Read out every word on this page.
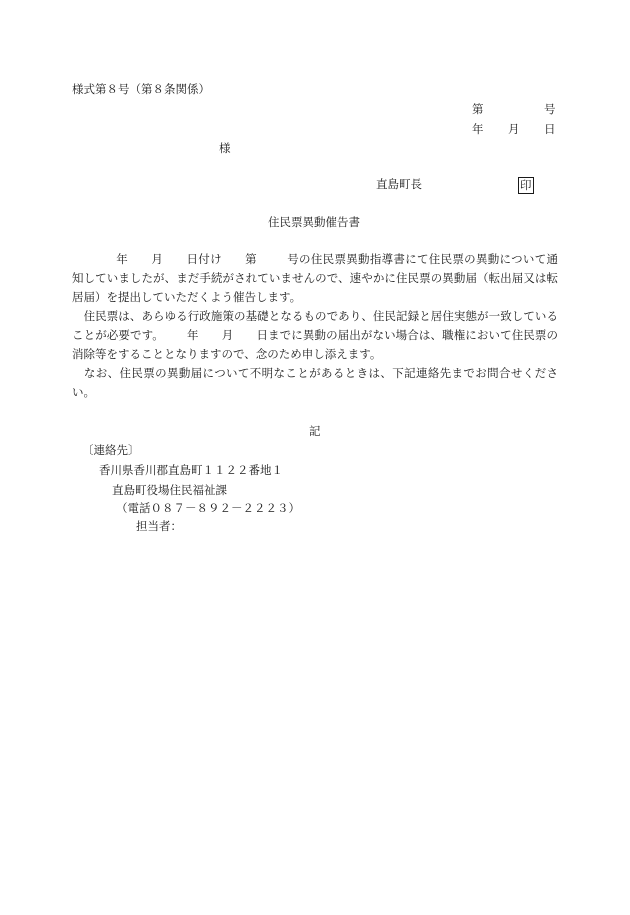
様式第８号（第８条関係）
第	号
年 月 日
様
直島町長	印
住民票異動催告書

年 月 日付け 第	号の住民票異動指導書にて住民票の異動について通知していましたが、まだ手続がされていませんので、速やかに住民票の異動届（転出届又は転居届）を提出していただくよう催告します。

住民票は、あらゆる行政施策の基礎となるものであり、住民記録と居住実態が一致していることが必要です。 年 月 日までに異動の届出がない場合は、職権において住民票の消除等をすることとなりますので、念のため申し添えます。

なお、住民票の異動届について不明なことがあるときは、下記連絡先までお問合せください。

記
〔連絡先〕
香川県香川郡直島町１１２２番地１
直島町役場住民福祉課
（電話０８７－８９２－２２２３）
担当者：
